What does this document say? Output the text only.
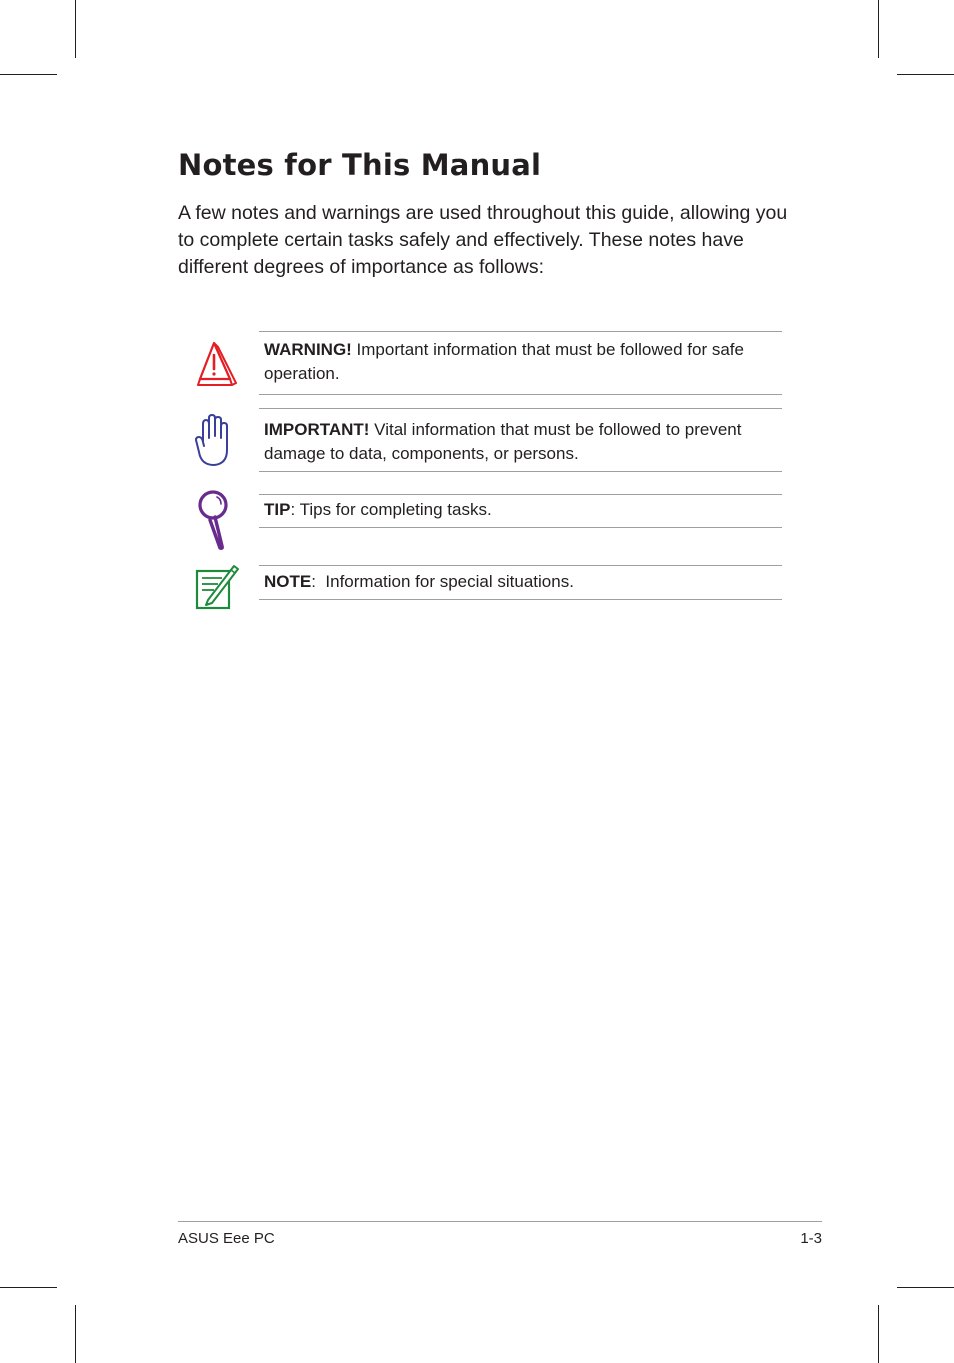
Notes for This Manual

A few notes and warnings are used throughout this guide, allowing you to complete certain tasks safely and effectively. These notes have different degrees of importance as follows:

WARNING! Important information that must be followed for safe operation.

IMPORTANT! Vital information that must be followed to prevent damage to data, components, or persons.

TIP: Tips for completing tasks.

NOTE:  Information for special situations.

ASUS Eee PC	1-3
